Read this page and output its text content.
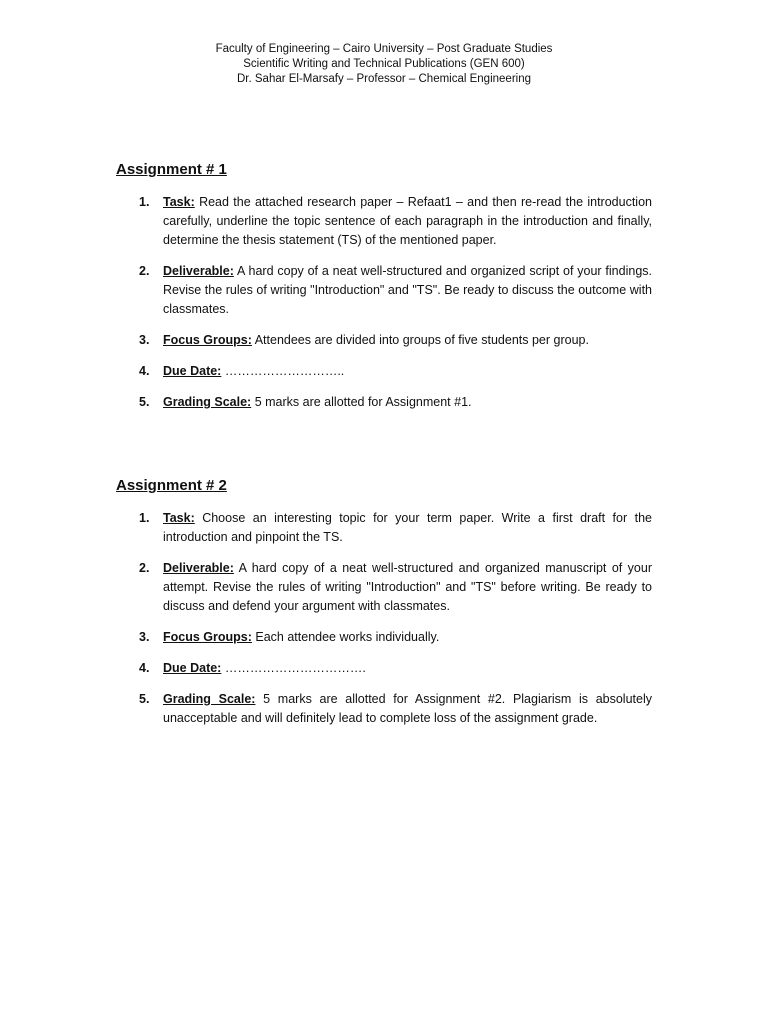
Faculty of Engineering – Cairo University – Post Graduate Studies
Scientific Writing and Technical Publications (GEN 600)
Dr. Sahar El-Marsafy – Professor – Chemical Engineering
Assignment # 1
1. Task: Read the attached research paper – Refaat1 – and then re-read the introduction carefully, underline the topic sentence of each paragraph in the introduction and finally, determine the thesis statement (TS) of the mentioned paper.
2. Deliverable: A hard copy of a neat well-structured and organized script of your findings. Revise the rules of writing "Introduction" and "TS". Be ready to discuss the outcome with classmates.
3. Focus Groups: Attendees are divided into groups of five students per group.
4. Due Date: ………………………..
5. Grading Scale: 5 marks are allotted for Assignment #1.
Assignment # 2
1. Task: Choose an interesting topic for your term paper. Write a first draft for the introduction and pinpoint the TS.
2. Deliverable: A hard copy of a neat well-structured and organized manuscript of your attempt. Revise the rules of writing "Introduction" and "TS" before writing. Be ready to discuss and defend your argument with classmates.
3. Focus Groups: Each attendee works individually.
4. Due Date: …………………………….
5. Grading Scale: 5 marks are allotted for Assignment #2. Plagiarism is absolutely unacceptable and will definitely lead to complete loss of the assignment grade.
